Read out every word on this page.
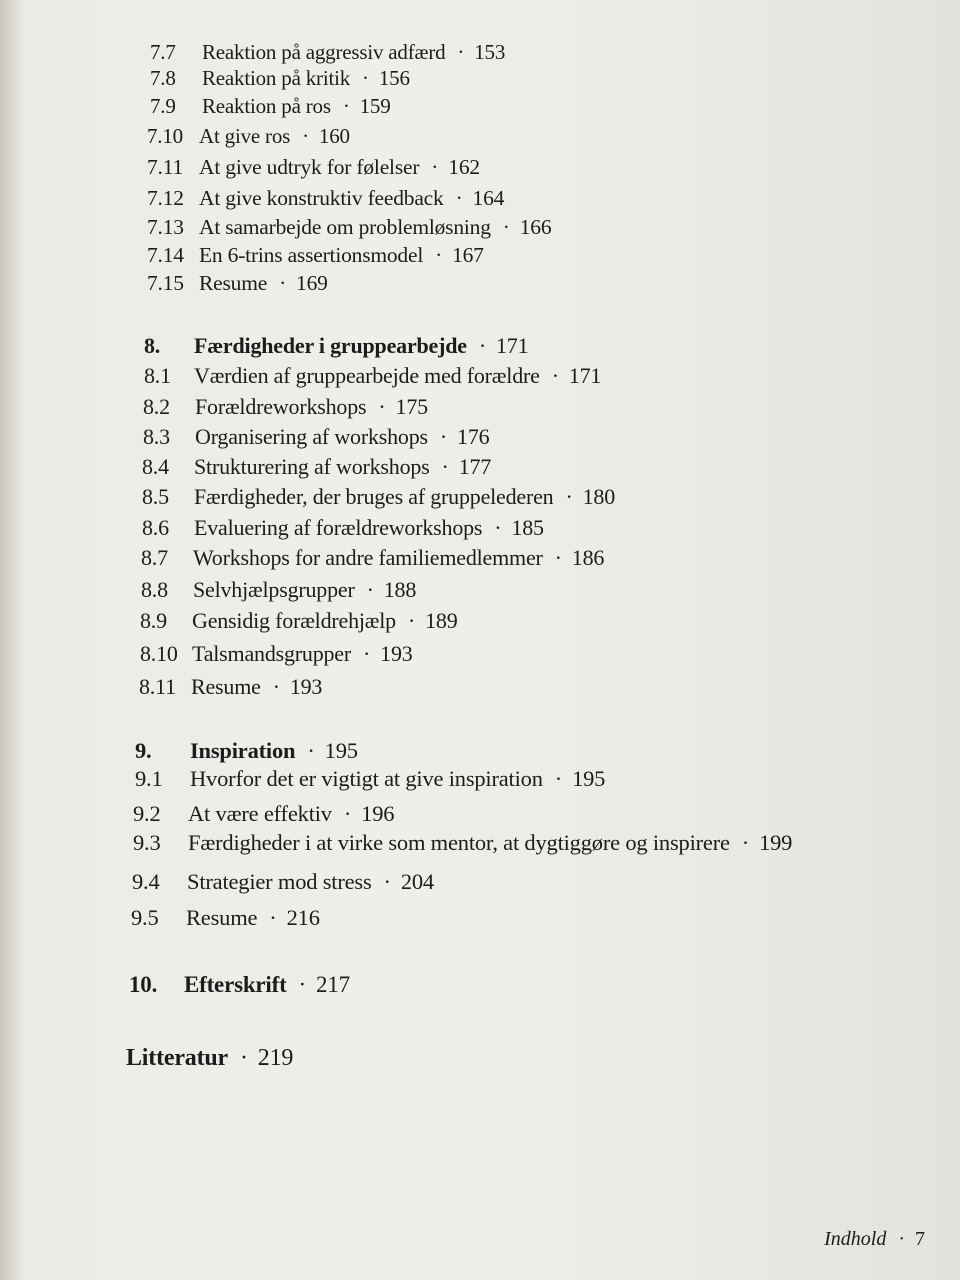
7.7	Reaktion på aggressiv adfærd · 153
7.8	Reaktion på kritik · 156
7.9	Reaktion på ros · 159
7.10 At give ros · 160
7.11 At give udtryk for følelser · 162
7.12 At give konstruktiv feedback · 164
7.13 At samarbejde om problemløsning · 166
7.14 En 6-trins assertionsmodel · 167
7.15 Resume · 169
8.	Færdigheder i gruppearbejde · 171
8.1	Værdien af gruppearbejde med forældre · 171
8.2	Forældreworkshops · 175
8.3	Organisering af workshops · 176
8.4	Strukturering af workshops · 177
8.5	Færdigheder, der bruges af gruppelederen · 180
8.6	Evaluering af forældreworkshops · 185
8.7	Workshops for andre familiemedlemmer · 186
8.8	Selvhjælpsgrupper · 188
8.9	Gensidig forældrehjælp · 189
8.10 Talsmandsgrupper · 193
8.11 Resume · 193
9.	Inspiration · 195
9.1	Hvorfor det er vigtigt at give inspiration · 195
9.2	At være effektiv · 196
9.3	Færdigheder i at virke som mentor, at dygtiggøre og inspirere · 199
9.4	Strategier mod stress · 204
9.5	Resume · 216
10.	Efterskrift · 217
Litteratur · 219
Indhold · 7
